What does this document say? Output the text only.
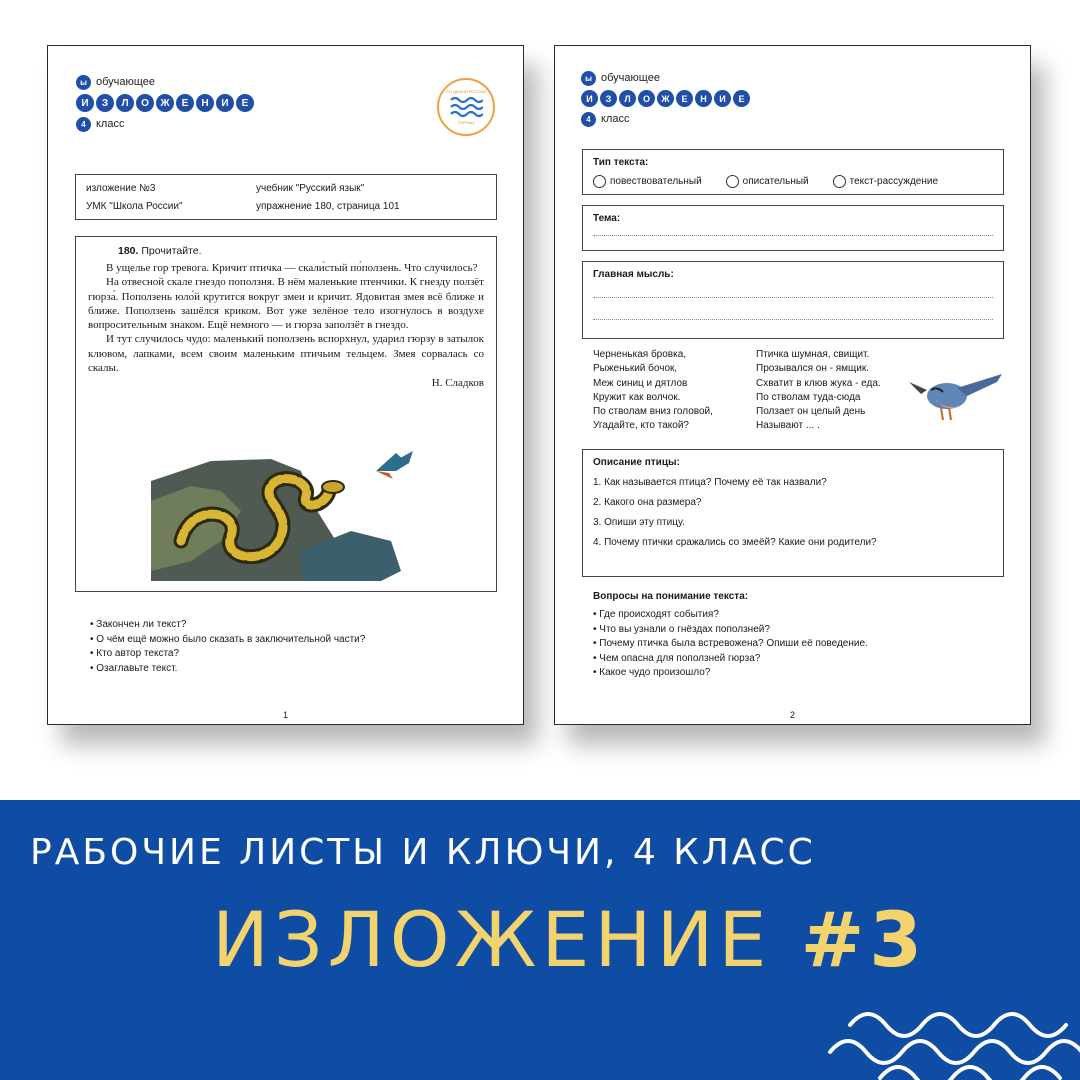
ы обучающее
И	З	Л	О	Ж	Е	Н	И	Е
4 класс
PO ДАНЫИ РОССИИ
ТОРИАЦ
изложение №3	учебник "Русский язык"
УМК "Школа России"	упражнение 180, страница 101
180. Прочитайте.

В ущелье гор тревога. Кричит птичка — скали́стый по́ползень. Что случилось?

На отвесной скале гнездо поползня. В нём маленькие птенчики. К гнезду ползёт гюрза́. Поползень юло́й крутится вокруг змеи и кричит. Ядовитая змея всё ближе и ближе. Поползень зашёлся криком. Вот уже зелёное тело изогнулось в воздухе вопросительным знаком. Ещё немного — и гюрза заползёт в гнездо.

И тут случилось чудо: маленький поползень вспорхнул, ударил гюрзу в затылок клювом, лапками, всем своим маленьким птичьим тельцем. Змея сорвалась со скалы.

Н. Сладков
• Закончен ли текст?
• О чём ещё можно было сказать в заключительной части?
• Кто автор текста?
• Озаглавьте текст.
1
ы обучающее
И	З	Л	О	Ж	Е	Н	И	Е
4 класс
Тип текста:
повествовательный	описательный	текст-рассуждение
Тема:
Главная мысль:
Черненькая бровка,
Рыженький бочок,
Меж синиц и дятлов
Кружит как волчок.
По стволам вниз головой,
Угадайте, кто такой?
Птичка шумная, свищит.
Прозывался он - ямщик.
Схватит в клюв жука - еда.
По стволам туда-сюда
Ползает он целый день
Называют ... .
Описание птицы:
1. Как называется птица? Почему её так назвали?
2. Какого она размера?
3. Опиши эту птицу.
4. Почему птички сражались со змеёй? Какие они родители?
Вопросы на понимание текста:
• Где происходят события?
• Что вы узнали о гнёздах поползней?
• Почему птичка была встревожена? Опиши её поведение.
• Чем опасна для поползней гюрза?
• Какое чудо произошло?
2
РАБОЧИЕ ЛИСТЫ И КЛЮЧИ, 4 КЛАСС
ИЗЛОЖЕНИЕ #3
